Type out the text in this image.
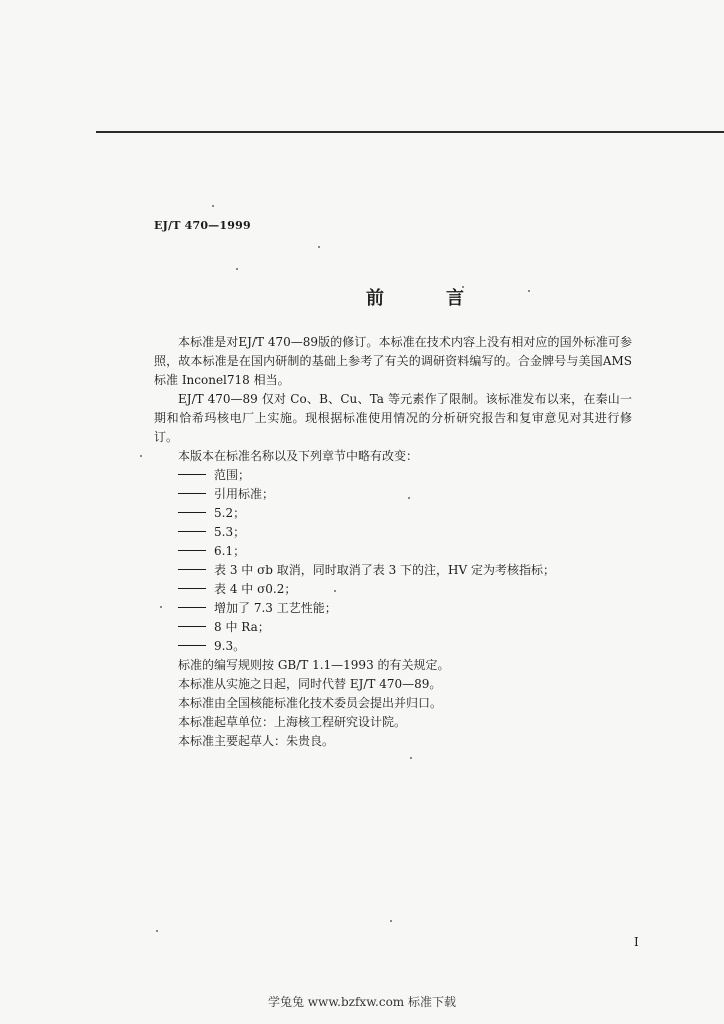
EJ/T 470—1999
前　言

本标准是对EJ/T 470—89版的修订。本标准在技术内容上没有相对应的国外标准可参照，故本标准是在国内研制的基础上参考了有关的调研资料编写的。合金牌号与美国AMS标准 Inconel718 相当。

EJ/T 470—89 仅对 Co、B、Cu、Ta 等元素作了限制。该标准发布以来，在秦山一期和恰希玛核电厂上实施。现根据标准使用情况的分析研究报告和复审意见对其进行修订。

本版本在标准名称以及下列章节中略有改变：

范围；

引用标准；

5.2；

5.3；

6.1；

表 3 中 σb 取消，同时取消了表 3 下的注，HV 定为考核指标；

表 4 中 σ0.2；

增加了 7.3 工艺性能；

8 中 Ra；

9.3。

标准的编写规则按 GB/T 1.1—1993 的有关规定。

本标准从实施之日起，同时代替 EJ/T 470—89。

本标准由全国核能标准化技术委员会提出并归口。

本标准起草单位：上海核工程研究设计院。

本标准主要起草人：朱贵良。

I
学兔兔 www.bzfxw.com 标准下载
